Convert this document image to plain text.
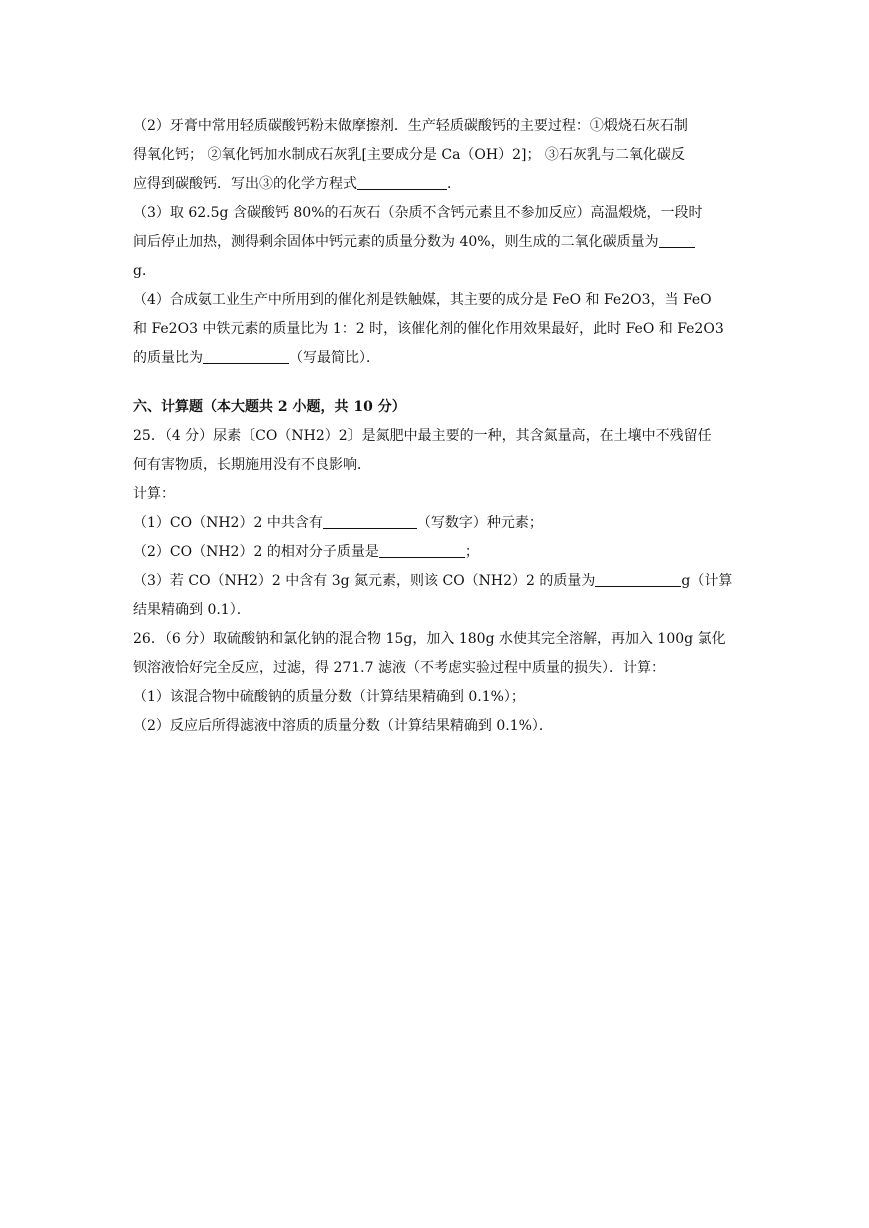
（2）牙膏中常用轻质碳酸钙粉末做摩擦剂．生产轻质碳酸钙的主要过程：①煅烧石灰石制
得氧化钙； ②氧化钙加水制成石灰乳[主要成分是 Ca（OH）2]； ③石灰乳与二氧化碳反
应得到碳酸钙．写出③的化学方程式	．
（3）取 62.5g 含碳酸钙 80%的石灰石（杂质不含钙元素且不参加反应）高温煅烧，一段时
间后停止加热，测得剩余固体中钙元素的质量分数为 40%，则生成的二氧化碳质量为
g．
（4）合成氨工业生产中所用到的催化剂是铁触媒，其主要的成分是 FeO 和 Fe2O3，当 FeO
和 Fe2O3 中铁元素的质量比为 1：2 时，该催化剂的催化作用效果最好，此时 FeO 和 Fe2O3
的质量比为	（写最简比）．
六、计算题（本大题共 2 小题，共 10 分）
25．（4 分）尿素〔CO（NH2）2〕是氮肥中最主要的一种，其含氮量高，在土壤中不残留任
何有害物质，长期施用没有不良影响．
计算：
（1）CO（NH2）2 中共含有	（写数字）种元素；
（2）CO（NH2）2 的相对分子质量是	；
（3）若 CO（NH2）2 中含有 3g 氮元素，则该 CO（NH2）2 的质量为	g（计算
结果精确到 0.1）．
26．（6 分）取硫酸钠和氯化钠的混合物 15g，加入 180g 水使其完全溶解，再加入 100g 氯化
钡溶液恰好完全反应，过滤，得 271.7 滤液（不考虑实验过程中质量的损失）．计算：
（1）该混合物中硫酸钠的质量分数（计算结果精确到 0.1%）；
（2）反应后所得滤液中溶质的质量分数（计算结果精确到 0.1%）．
